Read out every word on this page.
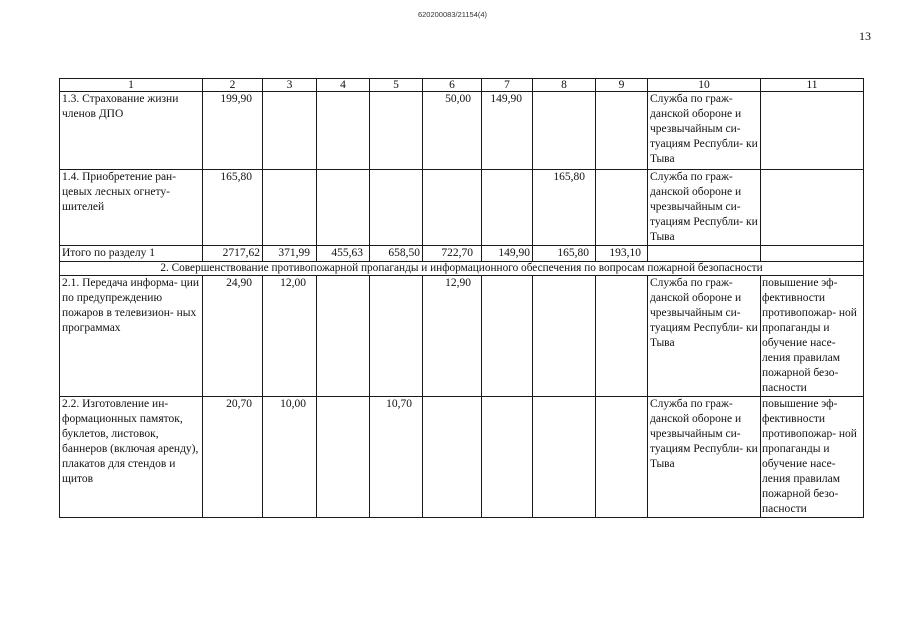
620200083/21154(4)
13
1	2	3	4	5	6	7	8	9	10	11
1.3. Страхование жизни членов ДПО	199,90				50,00	149,90			Служба по граж- данской обороне и чрезвычайным си- туациям Республи- ки Тыва	
1.4. Приобретение ран- цевых лесных огнету- шителей	165,80						165,80		Служба по граж- данской обороне и чрезвычайным си- туациям Республи- ки Тыва	
Итого по разделу 1	2717,62	371,99	455,63	658,50	722,70	149,90	165,80	193,10		
2. Совершенствование противопожарной пропаганды и информационного обеспечения по вопросам пожарной безопасности										
2.1. Передача информа- ции по предупреждению пожаров в телевизион- ных программах	24,90	12,00			12,90				Служба по граж- данской обороне и чрезвычайным си- туациям Республи- ки Тыва	повышение эф- фективности противопожар- ной пропаганды и обучение насе- ления правилам пожарной безо- пасности
2.2. Изготовление ин- формационных памяток, буклетов, листовок, баннеров (включая аренду), плакатов для стендов и щитов	20,70	10,00		10,70					Служба по граж- данской обороне и чрезвычайным си- туациям Республи- ки Тыва	повышение эф- фективности противопожар- ной пропаганды и обучение насе- ления правилам пожарной безо- пасности
